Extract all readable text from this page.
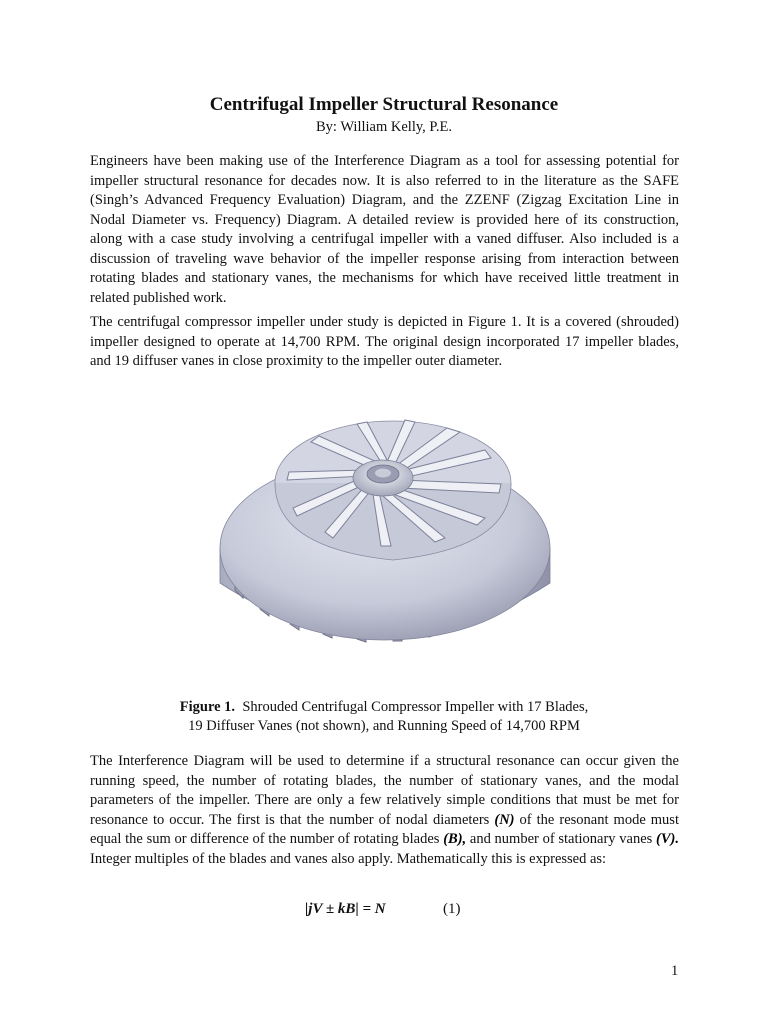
Centrifugal Impeller Structural Resonance
By: William Kelly, P.E.

Engineers have been making use of the Interference Diagram as a tool for assessing potential for impeller structural resonance for decades now. It is also referred to in the literature as the SAFE (Singh’s Advanced Frequency Evaluation) Diagram, and the ZZENF (Zigzag Excitation Line in Nodal Diameter vs. Frequency) Diagram. A detailed review is provided here of its construction, along with a case study involving a centrifugal impeller with a vaned diffuser. Also included is a discussion of traveling wave behavior of the impeller response arising from interaction between rotating blades and stationary vanes, the mechanisms for which have received little treatment in related published work.

The centrifugal compressor impeller under study is depicted in Figure 1. It is a covered (shrouded) impeller designed to operate at 14,700 RPM. The original design incorporated 17 impeller blades, and 19 diffuser vanes in close proximity to the impeller outer diameter.

Figure 1. Shrouded Centrifugal Compressor Impeller with 17 Blades,
19 Diffuser Vanes (not shown), and Running Speed of 14,700 RPM

The Interference Diagram will be used to determine if a structural resonance can occur given the running speed, the number of rotating blades, the number of stationary vanes, and the modal parameters of the impeller. There are only a few relatively simple conditions that must be met for resonance to occur. The first is that the number of nodal diameters (N) of the resonant mode must equal the sum or difference of the number of rotating blades (B), and number of stationary vanes (V). Integer multiples of the blades and vanes also apply. Mathematically this is expressed as:

|jV ± kB| = N	(1)
1
